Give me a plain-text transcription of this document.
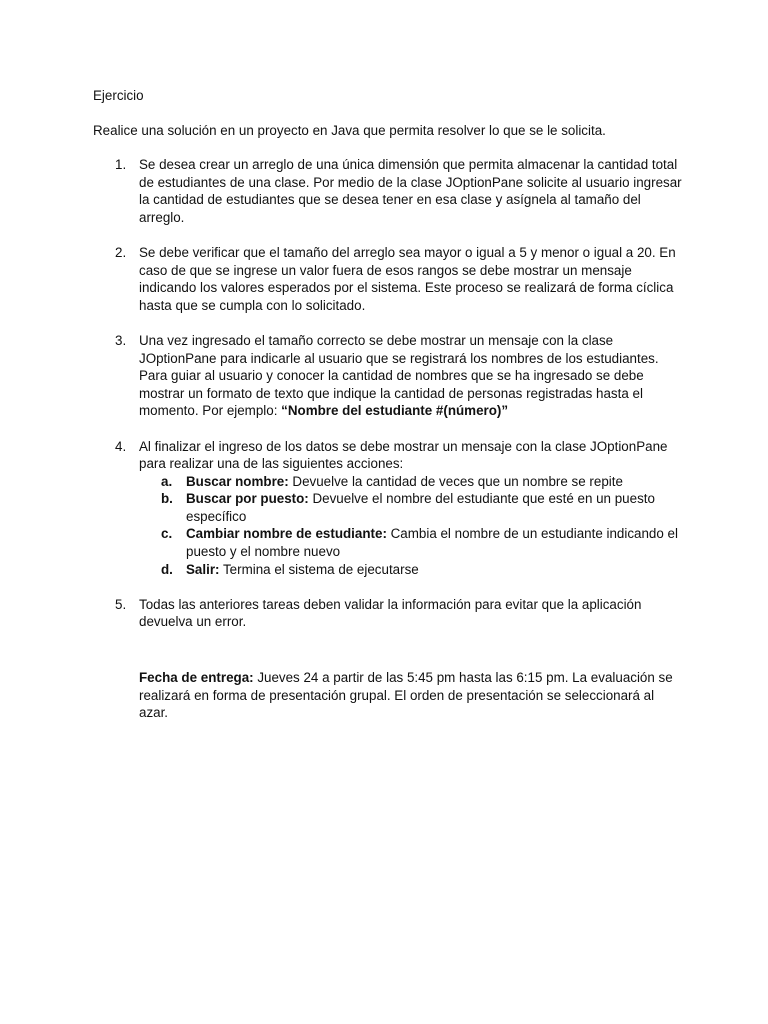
Ejercicio
Realice una solución en un proyecto en Java que permita resolver lo que se le solicita.
1. Se desea crear un arreglo de una única dimensión que permita almacenar la cantidad total de estudiantes de una clase. Por medio de la clase JOptionPane solicite al usuario ingresar la cantidad de estudiantes que se desea tener en esa clase y asígnela al tamaño del arreglo.
2. Se debe verificar que el tamaño del arreglo sea mayor o igual a 5 y menor o igual a 20. En caso de que se ingrese un valor fuera de esos rangos se debe mostrar un mensaje indicando los valores esperados por el sistema. Este proceso se realizará de forma cíclica hasta que se cumpla con lo solicitado.
3. Una vez ingresado el tamaño correcto se debe mostrar un mensaje con la clase JOptionPane para indicarle al usuario que se registrará los nombres de los estudiantes. Para guiar al usuario y conocer la cantidad de nombres que se ha ingresado se debe mostrar un formato de texto que indique la cantidad de personas registradas hasta el momento. Por ejemplo: “Nombre del estudiante #(número)”
4. Al finalizar el ingreso de los datos se debe mostrar un mensaje con la clase JOptionPane para realizar una de las siguientes acciones:
a. Buscar nombre: Devuelve la cantidad de veces que un nombre se repite
b. Buscar por puesto: Devuelve el nombre del estudiante que esté en un puesto específico
c. Cambiar nombre de estudiante: Cambia el nombre de un estudiante indicando el puesto y el nombre nuevo
d. Salir: Termina el sistema de ejecutarse
5. Todas las anteriores tareas deben validar la información para evitar que la aplicación devuelva un error.
Fecha de entrega: Jueves 24 a partir de las 5:45 pm hasta las 6:15 pm. La evaluación se realizará en forma de presentación grupal. El orden de presentación se seleccionará al azar.
